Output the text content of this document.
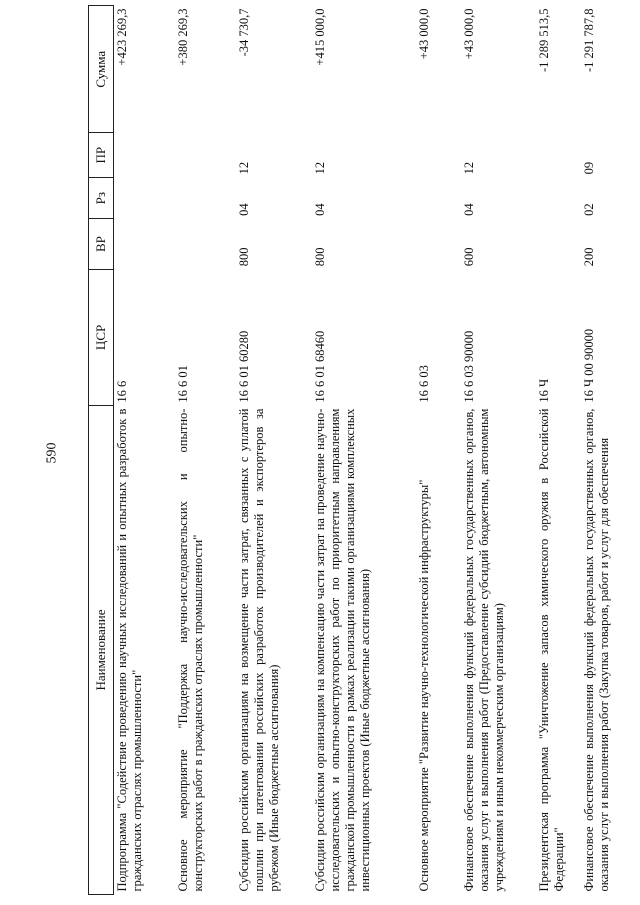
590
Наименование	ЦСР	ВР	Рз	ПР	Сумма
Подпрограмма "Содействие проведению научных исследований и опытных разработок в гражданских отраслях промышленности"	16 6				+423 269,3
Основное мероприятие "Поддержка научно-исследовательских и опытно-конструкторских работ в гражданских отраслях промышленности"	16 6 01				+380 269,3
Субсидии российским организациям на возмещение части затрат, связанных с уплатой пошлин при патентовании российских разработок производителей и экспортеров за рубежом (Иные бюджетные ассигнования)	16 6 01 60280	800	04	12	-34 730,7
Субсидии российским организациям на компенсацию части затрат на проведение научно-исследовательских и опытно-конструкторских работ по приоритетным направлениям гражданской промышленности в рамках реализации такими организациями комплексных инвестиционных проектов (Иные бюджетные ассигнования)	16 6 01 68460	800	04	12	+415 000,0
Основное мероприятие "Развитие научно-технологической инфраструктуры"	16 6 03				+43 000,0
Финансовое обеспечение выполнения функций федеральных государственных органов, оказания услуг и выполнения работ (Предоставление субсидий бюджетным, автономным учреждениям и иным некоммерческим организациям)	16 6 03 90000	600	04	12	+43 000,0
Президентская программа "Уничтожение запасов химического оружия в Российской Федерации"	16 Ч				-1 289 513,5
Финансовое обеспечение выполнения функций федеральных государственных органов, оказания услуг и выполнения работ (Закупка товаров, работ и услуг для обеспечения	16 Ч 00 90000	200	02	09	-1 291 787,8
